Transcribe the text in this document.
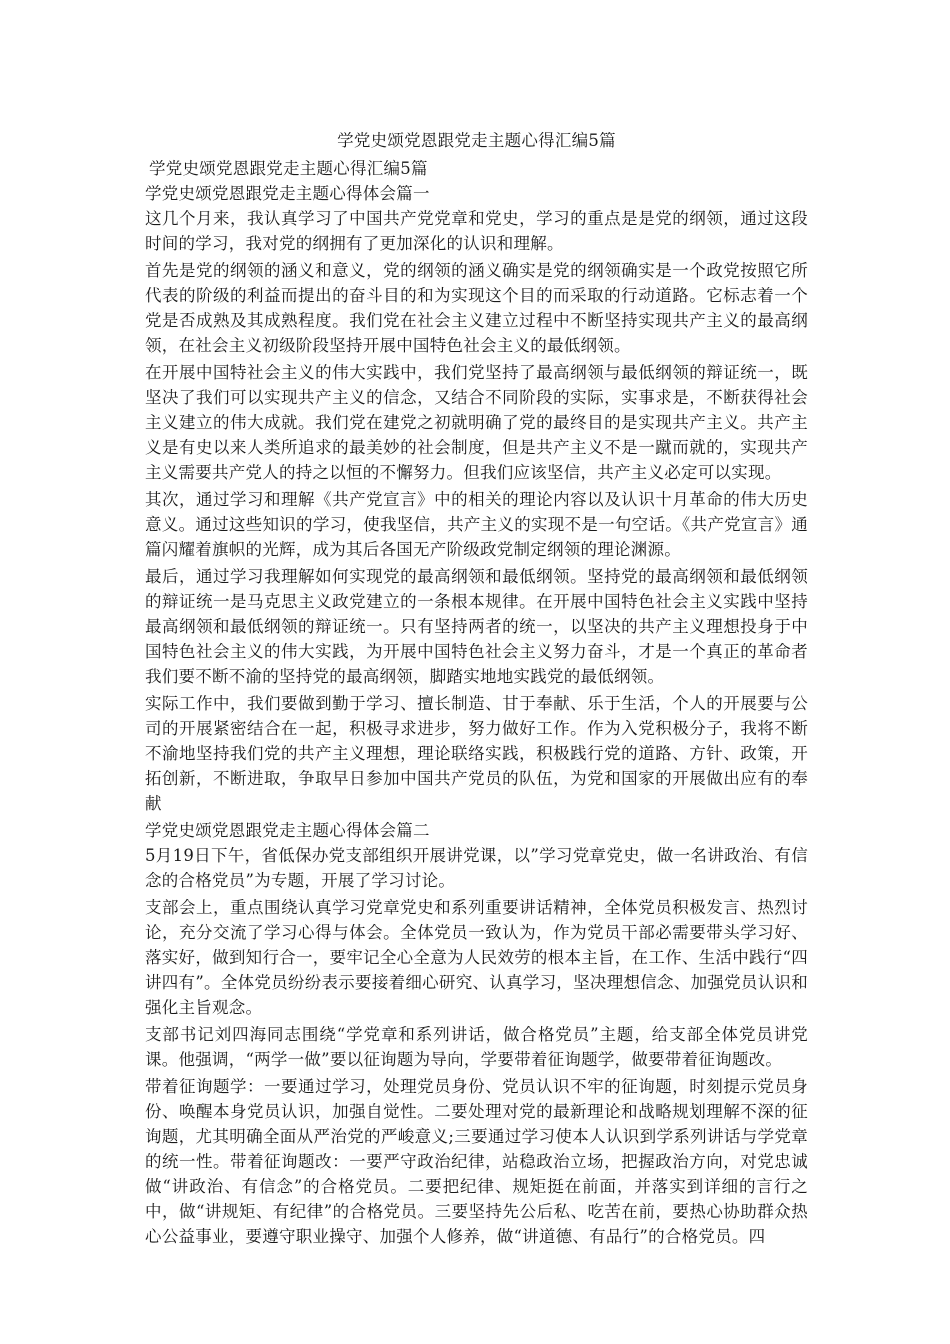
学党史颂党恩跟党走主题心得汇编5篇
学党史颂党恩跟党走主题心得汇编5篇
学党史颂党恩跟党走主题心得体会篇一

这几个月来，我认真学习了中国共产党党章和党史，学习的重点是是党的纲领，通过这段时间的学习，我对党的纲拥有了更加深化的认识和理解。

首先是党的纲领的涵义和意义，党的纲领的涵义确实是党的纲领确实是一个政党按照它所代表的阶级的利益而提出的奋斗目的和为实现这个目的而采取的行动道路。它标志着一个党是否成熟及其成熟程度。我们党在社会主义建立过程中不断坚持实现共产主义的最高纲领，在社会主义初级阶段坚持开展中国特色社会主义的最低纲领。

在开展中国特社会主义的伟大实践中，我们党坚持了最高纲领与最低纲领的辩证统一，既坚决了我们可以实现共产主义的信念，又结合不同阶段的实际，实事求是，不断获得社会主义建立的伟大成就。我们党在建党之初就明确了党的最终目的是实现共产主义。共产主义是有史以来人类所追求的最美妙的社会制度，但是共产主义不是一蹴而就的，实现共产主义需要共产党人的持之以恒的不懈努力。但我们应该坚信，共产主义必定可以实现。

其次，通过学习和理解《共产党宣言》中的相关的理论内容以及认识十月革命的伟大历史意义。通过这些知识的学习，使我坚信，共产主义的实现不是一句空话。《共产党宣言》通篇闪耀着旗帜的光辉，成为其后各国无产阶级政党制定纲领的理论渊源。

最后，通过学习我理解如何实现党的最高纲领和最低纲领。坚持党的最高纲领和最低纲领的辩证统一是马克思主义政党建立的一条根本规律。在开展中国特色社会主义实践中坚持最高纲领和最低纲领的辩证统一。只有坚持两者的统一，以坚决的共产主义理想投身于中国特色社会主义的伟大实践，为开展中国特色社会主义努力奋斗，才是一个真正的革命者我们要不断不渝的坚持党的最高纲领，脚踏实地地实践党的最低纲领。

实际工作中，我们要做到勤于学习、擅长制造、甘于奉献、乐于生活，个人的开展要与公司的开展紧密结合在一起，积极寻求进步，努力做好工作。作为入党积极分子，我将不断不渝地坚持我们党的共产主义理想，理论联络实践，积极践行党的道路、方针、政策，开拓创新，不断进取，争取早日参加中国共产党员的队伍，为党和国家的开展做出应有的奉献

学党史颂党恩跟党走主题心得体会篇二

5月19日下午，省低保办党支部组织开展讲党课，以”学习党章党史，做一名讲政治、有信念的合格党员”为专题，开展了学习讨论。

支部会上，重点围绕认真学习党章党史和系列重要讲话精神，全体党员积极发言、热烈讨论，充分交流了学习心得与体会。全体党员一致认为，作为党员干部必需要带头学习好、落实好，做到知行合一，要牢记全心全意为人民效劳的根本主旨，在工作、生活中践行“四讲四有”。全体党员纷纷表示要接着细心研究、认真学习，坚决理想信念、加强党员认识和强化主旨观念。

支部书记刘四海同志围绕“学党章和系列讲话，做合格党员”主题，给支部全体党员讲党课。他强调，“两学一做”要以征询题为导向，学要带着征询题学，做要带着征询题改。

带着征询题学：一要通过学习，处理党员身份、党员认识不牢的征询题，时刻提示党员身份、唤醒本身党员认识，加强自觉性。二要处理对党的最新理论和战略规划理解不深的征询题，尤其明确全面从严治党的严峻意义;三要通过学习使本人认识到学系列讲话与学党章的统一性。带着征询题改：一要严守政治纪律，站稳政治立场，把握政治方向，对党忠诚做“讲政治、有信念”的合格党员。二要把纪律、规矩挺在前面，并落实到详细的言行之中，做“讲规矩、有纪律”的合格党员。三要坚持先公后私、吃苦在前，要热心协助群众热心公益事业，要遵守职业操守、加强个人修养，做“讲道德、有品行”的合格党员。四
